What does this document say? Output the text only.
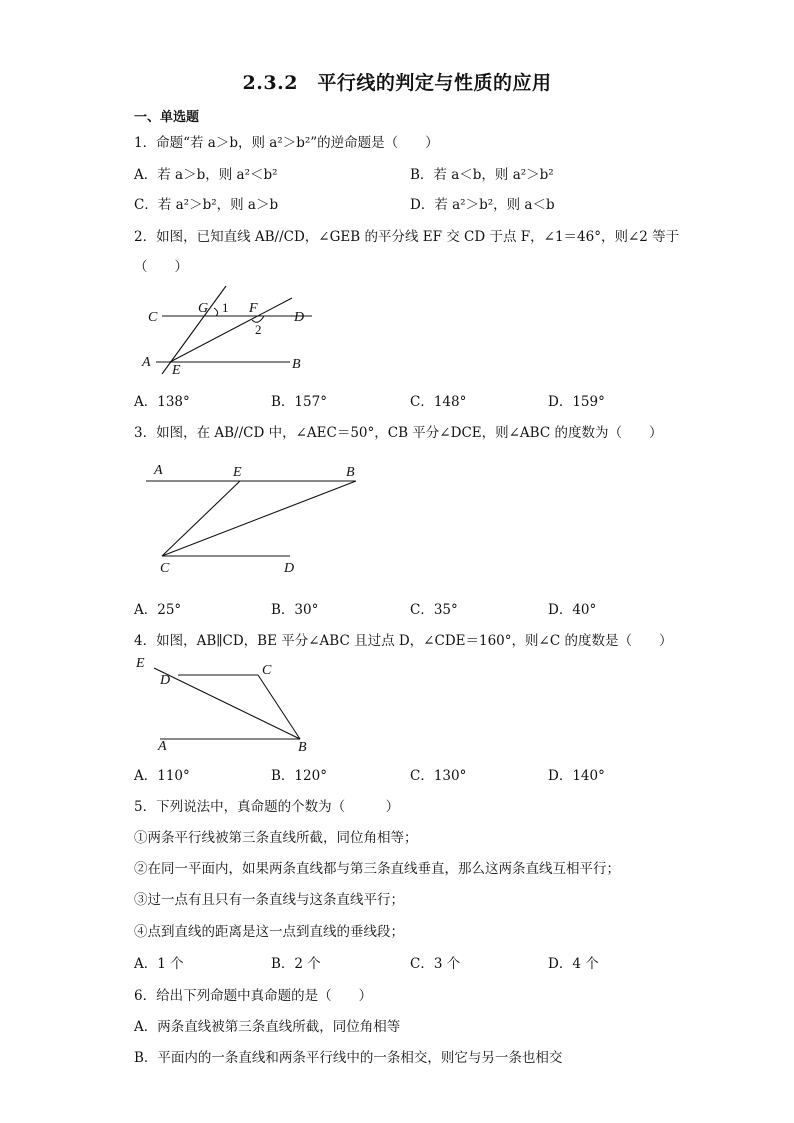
2.3.2　平行线的判定与性质的应用
一、单选题
1．命题“若 a＞b，则 a²＞b²”的逆命题是（　　）
A．若 a＞b，则 a²＜b²	B．若 a＜b，则 a²＞b²
C．若 a²＞b²，则 a＞b	D．若 a²＞b²，则 a＜b
2．如图，已知直线 AB//CD，∠GEB 的平分线 EF 交 CD 于点 F，∠1＝46°，则∠2 等于
（　　）
C
G 1 F
D
2
A
E	B
A．138°	B．157°	C．148°	D．159°
3．如图，在 AB//CD 中，∠AEC＝50°，CB 平分∠DCE，则∠ABC 的度数为（　　）
A	E	B
C	D
A．25°	B．30°	C．35°	D．40°
4．如图，AB∥CD，BE 平分∠ABC 且过点 D，∠CDE＝160°，则∠C 的度数是（　　）
E	C
D
A	B
A．110°	B．120°	C．130°	D．140°
5．下列说法中，真命题的个数为（　　　）
①两条平行线被第三条直线所截，同位角相等；
②在同一平面内，如果两条直线都与第三条直线垂直，那么这两条直线互相平行；
③过一点有且只有一条直线与这条直线平行；
④点到直线的距离是这一点到直线的垂线段；
A．1 个	B．2 个	C．3 个	D．4 个
6．给出下列命题中真命题的是（　　）
A．两条直线被第三条直线所截，同位角相等
B．平面内的一条直线和两条平行线中的一条相交，则它与另一条也相交
